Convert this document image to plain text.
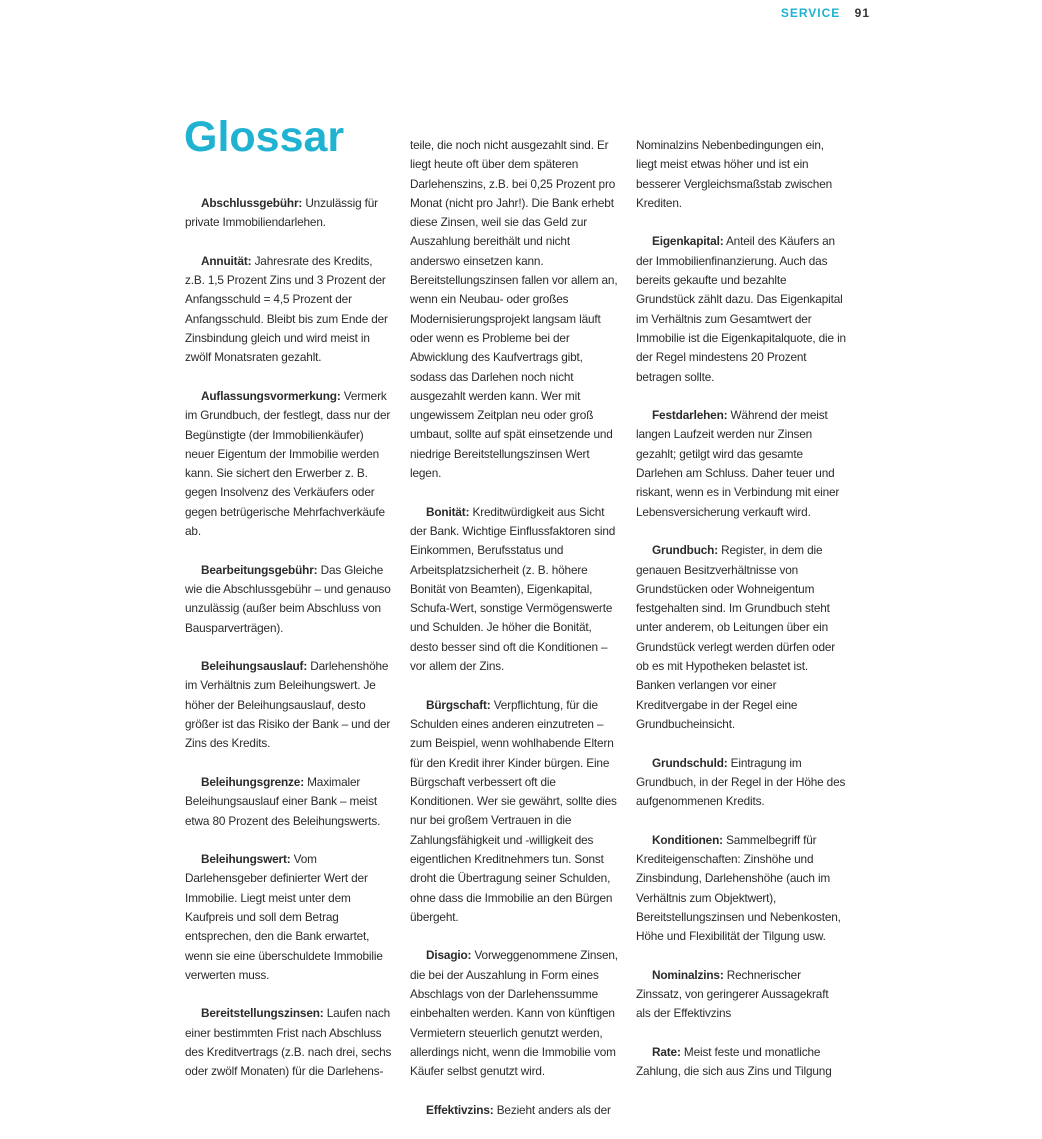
SERVICE 91
Glossar

Abschlussgebühr: Unzulässig für private Immobiliendarlehen.

Annuität: Jahresrate des Kredits, z.B. 1,5 Prozent Zins und 3 Prozent der Anfangsschuld = 4,5 Prozent der Anfangsschuld. Bleibt bis zum Ende der Zinsbindung gleich und wird meist in zwölf Monatsraten gezahlt.

Auflassungsvormerkung: Vermerk im Grundbuch, der festlegt, dass nur der Begünstigte (der Immobilienkäufer) neuer Eigentum der Immobilie werden kann. Sie sichert den Erwerber z. B. gegen Insolvenz des Verkäufers oder gegen betrügerische Mehrfachverkäufe ab.

Bearbeitungsgebühr: Das Gleiche wie die Abschlussgebühr – und genauso unzulässig (außer beim Abschluss von Bausparverträgen).

Beleihungsauslauf: Darlehenshöhe im Verhältnis zum Beleihungswert. Je höher der Beleihungsauslauf, desto größer ist das Risiko der Bank – und der Zins des Kredits.

Beleihungsgrenze: Maximaler Beleihungsauslauf einer Bank – meist etwa 80 Prozent des Beleihungswerts.

Beleihungswert: Vom Darlehensgeber definierter Wert der Immobilie. Liegt meist unter dem Kaufpreis und soll dem Betrag entsprechen, den die Bank erwartet, wenn sie eine überschuldete Immobilie verwerten muss.

Bereitstellungszinsen: Laufen nach einer bestimmten Frist nach Abschluss des Kreditvertrags (z.B. nach drei, sechs oder zwölf Monaten) für die Darlehens-

teile, die noch nicht ausgezahlt sind. Er liegt heute oft über dem späteren Darlehenszins, z.B. bei 0,25 Prozent pro Monat (nicht pro Jahr!). Die Bank erhebt diese Zinsen, weil sie das Geld zur Auszahlung bereithält und nicht anderswo einsetzen kann. Bereitstellungszinsen fallen vor allem an, wenn ein Neubau- oder großes Modernisierungsprojekt langsam läuft oder wenn es Probleme bei der Abwicklung des Kaufvertrags gibt, sodass das Darlehen noch nicht ausgezahlt werden kann. Wer mit ungewissem Zeitplan neu oder groß umbaut, sollte auf spät einsetzende und niedrige Bereitstellungszinsen Wert legen.

Bonität: Kreditwürdigkeit aus Sicht der Bank. Wichtige Einflussfaktoren sind Einkommen, Berufsstatus und Arbeitsplatzsicherheit (z. B. höhere Bonität von Beamten), Eigenkapital, Schufa-Wert, sonstige Vermögenswerte und Schulden. Je höher die Bonität, desto besser sind oft die Konditionen – vor allem der Zins.

Bürgschaft: Verpflichtung, für die Schulden eines anderen einzutreten – zum Beispiel, wenn wohlhabende Eltern für den Kredit ihrer Kinder bürgen. Eine Bürgschaft verbessert oft die Konditionen. Wer sie gewährt, sollte dies nur bei großem Vertrauen in die Zahlungsfähigkeit und -willigkeit des eigentlichen Kreditnehmers tun. Sonst droht die Übertragung seiner Schulden, ohne dass die Immobilie an den Bürgen übergeht.

Disagio: Vorweggenommene Zinsen, die bei der Auszahlung in Form eines Abschlags von der Darlehenssumme einbehalten werden. Kann von künftigen Vermietern steuerlich genutzt werden, allerdings nicht, wenn die Immobilie vom Käufer selbst genutzt wird.

Effektivzins: Bezieht anders als der

Nominalzins Nebenbedingungen ein, liegt meist etwas höher und ist ein besserer Vergleichsmaßstab zwischen Krediten.

Eigenkapital: Anteil des Käufers an der Immobilienfinanzierung. Auch das bereits gekaufte und bezahlte Grundstück zählt dazu. Das Eigenkapital im Verhältnis zum Gesamtwert der Immobilie ist die Eigenkapitalquote, die in der Regel mindestens 20 Prozent betragen sollte.

Festdarlehen: Während der meist langen Laufzeit werden nur Zinsen gezahlt; getilgt wird das gesamte Darlehen am Schluss. Daher teuer und riskant, wenn es in Verbindung mit einer Lebensversicherung verkauft wird.

Grundbuch: Register, in dem die genauen Besitzverhältnisse von Grundstücken oder Wohneigentum festgehalten sind. Im Grundbuch steht unter anderem, ob Leitungen über ein Grundstück verlegt werden dürfen oder ob es mit Hypotheken belastet ist. Banken verlangen vor einer Kreditvergabe in der Regel eine Grundbucheinsicht.

Grundschuld: Eintragung im Grundbuch, in der Regel in der Höhe des aufgenommenen Kredits.

Konditionen: Sammelbegriff für Krediteigenschaften: Zinshöhe und Zinsbindung, Darlehenshöhe (auch im Verhältnis zum Objektwert), Bereitstellungszinsen und Nebenkosten, Höhe und Flexibilität der Tilgung usw.

Nominalzins: Rechnerischer Zinssatz, von geringerer Aussagekraft als der Effektivzins

Rate: Meist feste und monatliche Zahlung, die sich aus Zins und Tilgung
